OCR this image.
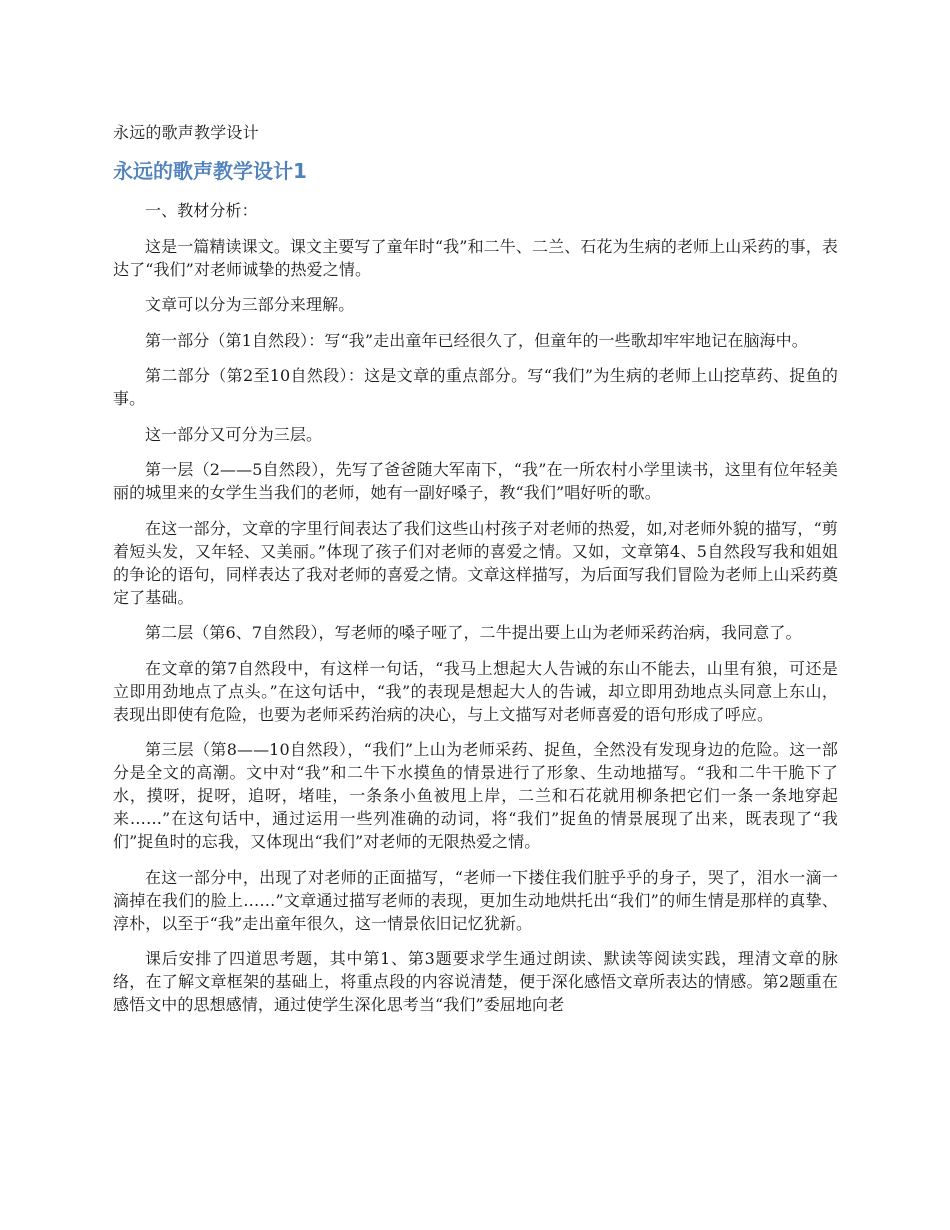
永远的歌声教学设计
永远的歌声教学设计1

一、教材分析：

这是一篇精读课文。课文主要写了童年时“我”和二牛、二兰、石花为生病的老师上山采药的事，表达了“我们”对老师诚挚的热爱之情。

文章可以分为三部分来理解。

第一部分（第1自然段）：写“我”走出童年已经很久了，但童年的一些歌却牢牢地记在脑海中。

第二部分（第2至10自然段）：这是文章的重点部分。写“我们”为生病的老师上山挖草药、捉鱼的事。

这一部分又可分为三层。

第一层（2——5自然段），先写了爸爸随大军南下，“我”在一所农村小学里读书，这里有位年轻美丽的城里来的女学生当我们的老师，她有一副好嗓子，教“我们”唱好听的歌。

在这一部分，文章的字里行间表达了我们这些山村孩子对老师的热爱，如,对老师外貌的描写，“剪着短头发，又年轻、又美丽。”体现了孩子们对老师的喜爱之情。又如，文章第4、5自然段写我和姐姐的争论的语句，同样表达了我对老师的喜爱之情。文章这样描写，为后面写我们冒险为老师上山采药奠定了基础。

第二层（第6、7自然段），写老师的嗓子哑了，二牛提出要上山为老师采药治病，我同意了。

在文章的第7自然段中，有这样一句话，“我马上想起大人告诫的东山不能去，山里有狼，可还是立即用劲地点了点头。”在这句话中，“我”的表现是想起大人的告诫，却立即用劲地点头同意上东山，表现出即使有危险，也要为老师采药治病的决心，与上文描写对老师喜爱的语句形成了呼应。

第三层（第8——10自然段），“我们”上山为老师采药、捉鱼，全然没有发现身边的危险。这一部分是全文的高潮。文中对“我”和二牛下水摸鱼的情景进行了形象、生动地描写。“我和二牛干脆下了水，摸呀，捉呀，追呀，堵哇，一条条小鱼被甩上岸，二兰和石花就用柳条把它们一条一条地穿起来……”在这句话中，通过运用一些列准确的动词，将“我们”捉鱼的情景展现了出来，既表现了“我们”捉鱼时的忘我，又体现出“我们”对老师的无限热爱之情。

在这一部分中，出现了对老师的正面描写，“老师一下搂住我们脏乎乎的身子，哭了，泪水一滴一滴掉在我们的脸上……”文章通过描写老师的表现，更加生动地烘托出“我们”的师生情是那样的真挚、淳朴，以至于“我”走出童年很久，这一情景依旧记忆犹新。

课后安排了四道思考题，其中第1、第3题要求学生通过朗读、默读等阅读实践，理清文章的脉络，在了解文章框架的基础上，将重点段的内容说清楚，便于深化感悟文章所表达的情感。第2题重在感悟文中的思想感情，通过使学生深化思考当“我们”委屈地向老
